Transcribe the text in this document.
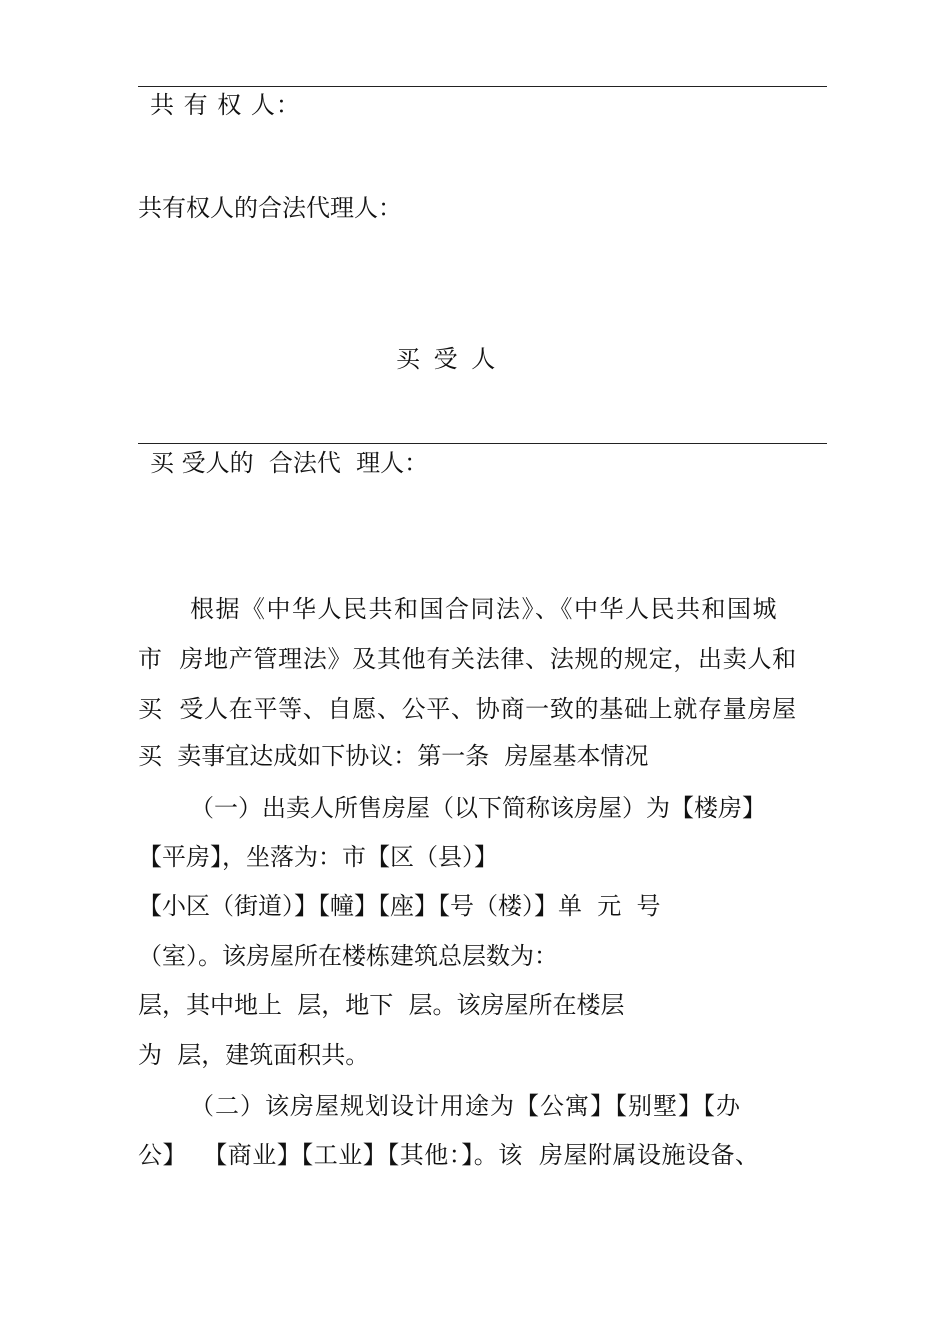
共 有 权 人：
共有权人的合法代理人：
买 受 人
买 受人的  合法代  理人：
根据《中华人民共和国合同法》、《中华人民共和国城
市  房地产管理法》及其他有关法律、法规的规定，出卖人和
买  受人在平等、自愿、公平、协商一致的基础上就存量房屋
买  卖事宜达成如下协议：第一条  房屋基本情况
（一）出卖人所售房屋（以下简称该房屋）为【楼房】
【平房】，坐落为：市【区（县）】
【小区（街道）】【幢】【座】【号（楼）】单  元  号
（室）。该房屋所在楼栋建筑总层数为：
层，其中地上  层，地下  层。该房屋所在楼层
为  层，建筑面积共。
（二）该房屋规划设计用途为【公寓】【别墅】【办
公】  【商业】【工业】【其他：】。该  房屋附属设施设备、
